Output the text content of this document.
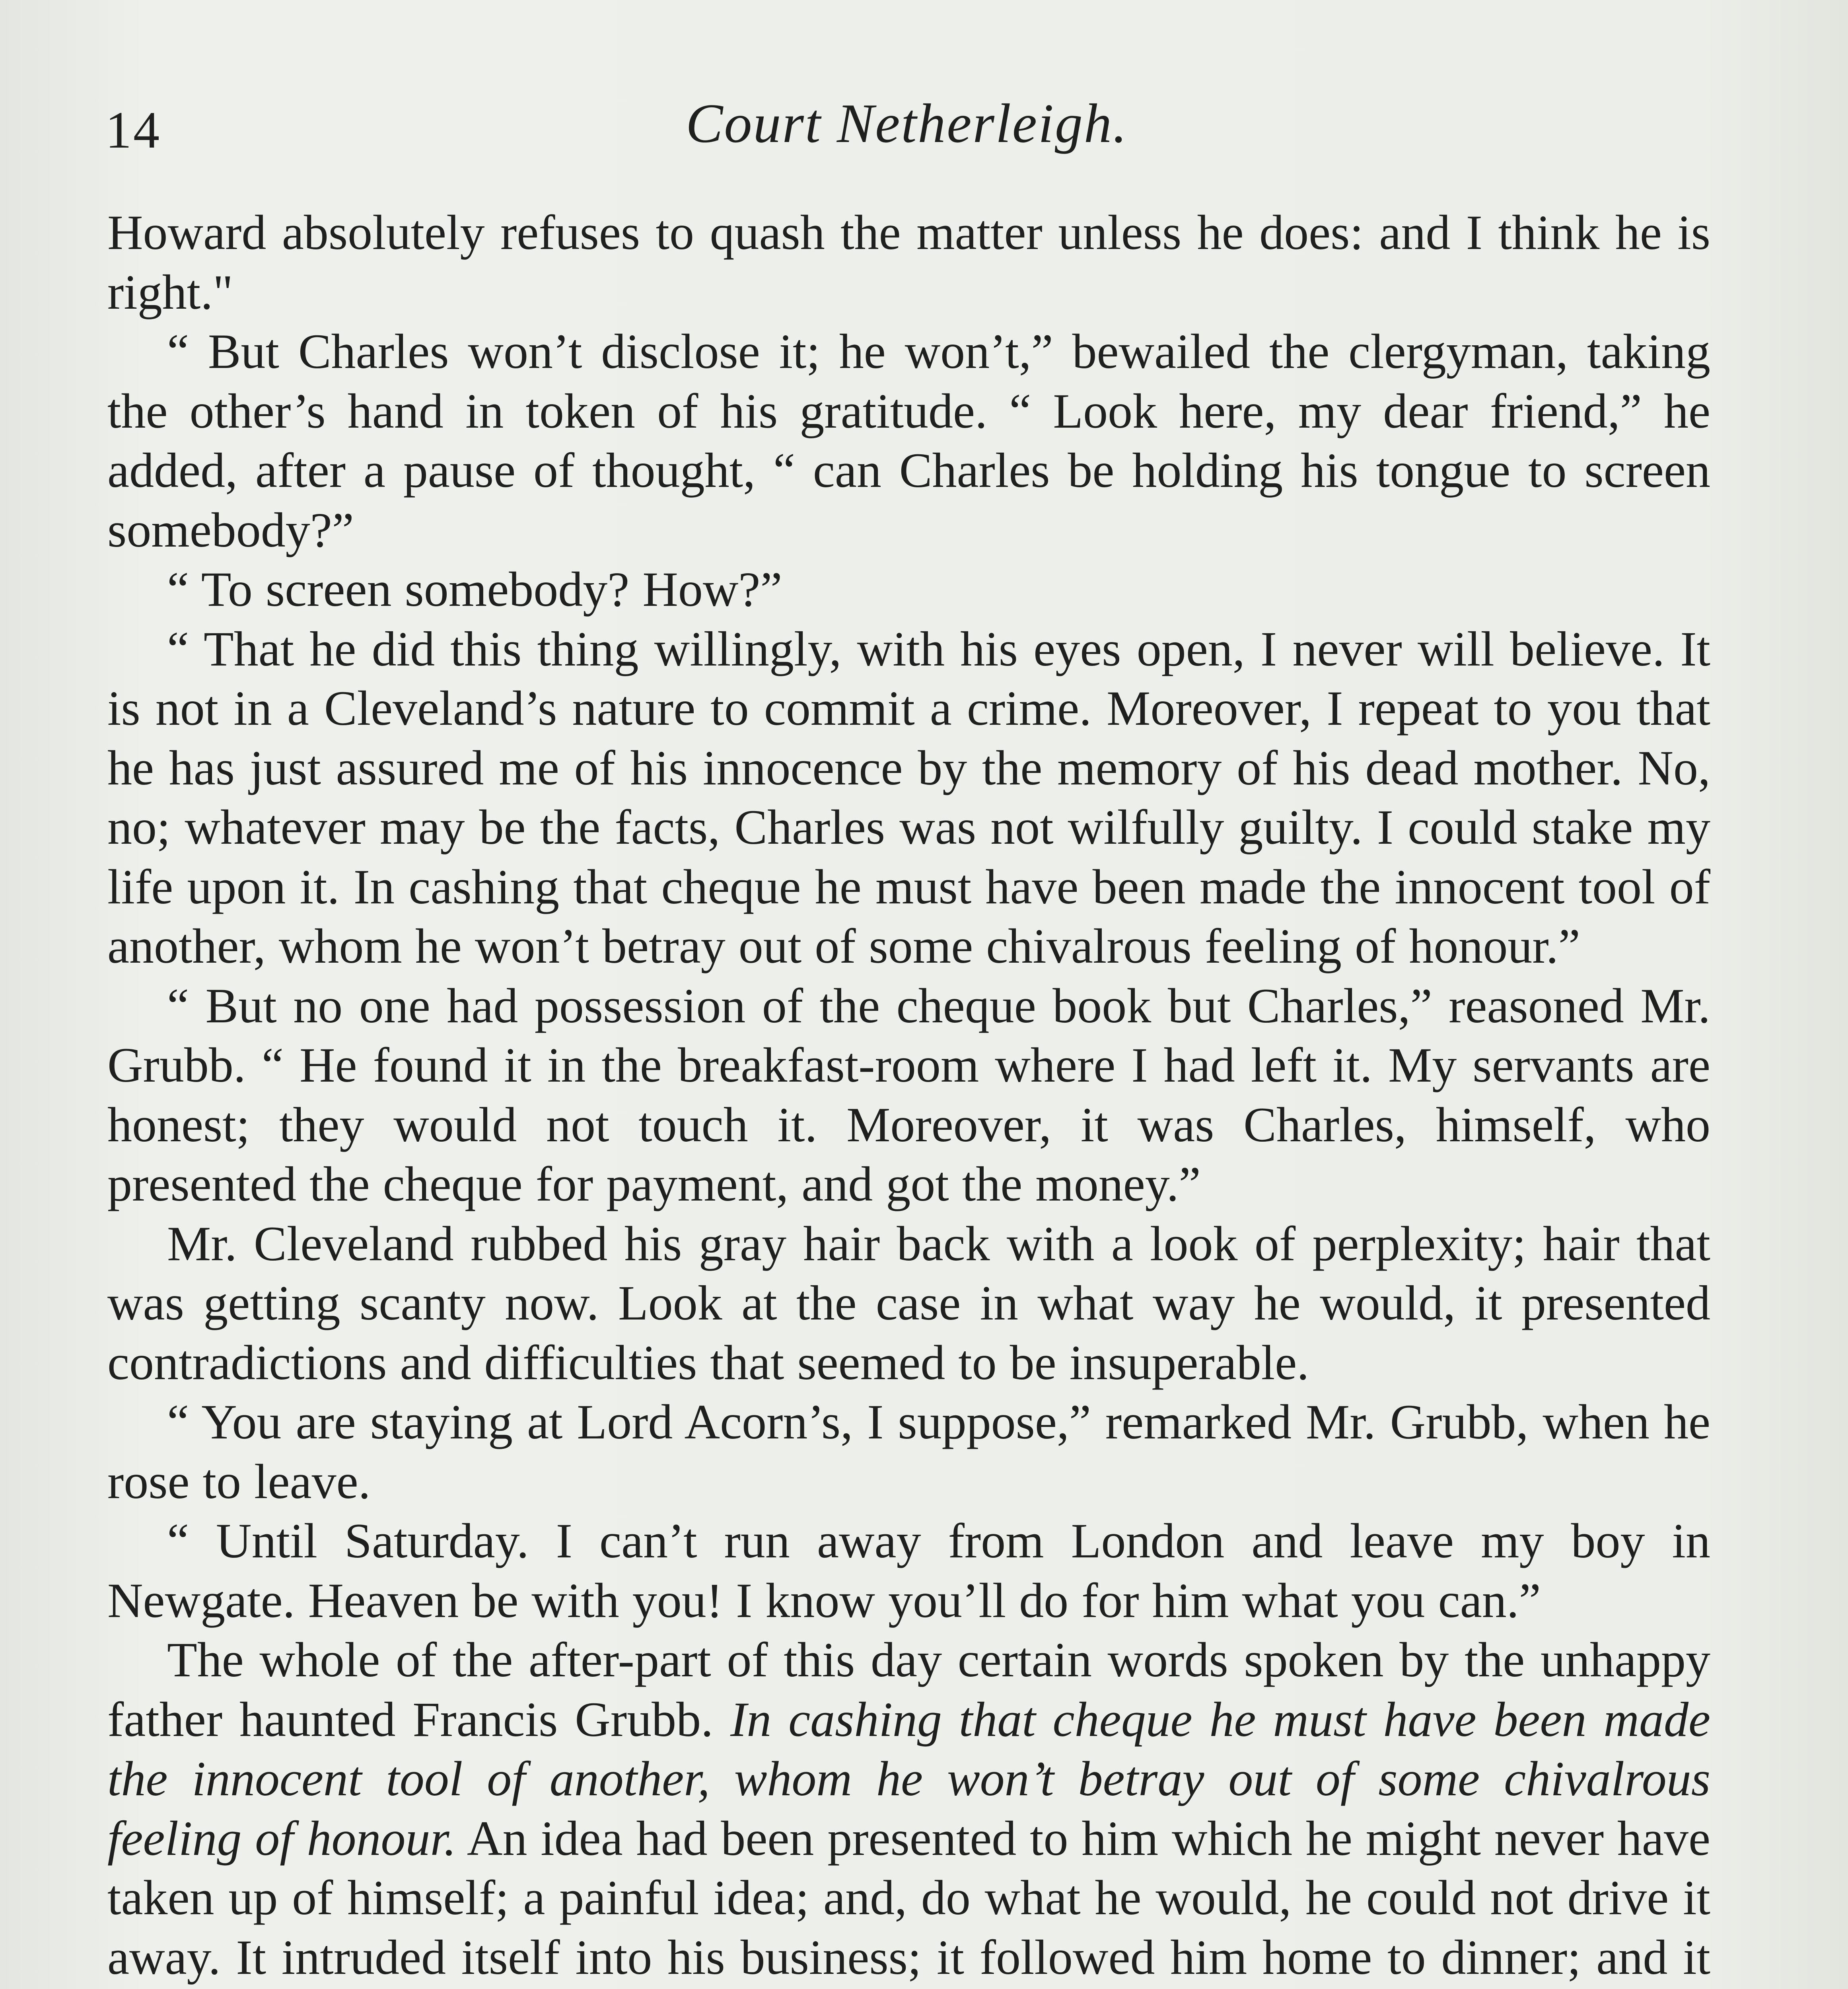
14	Court Netherleigh.

Howard absolutely refuses to quash the matter unless he does: and I think he is right."

“ But Charles won’t disclose it; he won’t,” bewailed the clergyman, taking the other’s hand in token of his gratitude. “ Look here, my dear friend,” he added, after a pause of thought, “ can Charles be holding his tongue to screen somebody?”

“ To screen somebody? How?”

“ That he did this thing willingly, with his eyes open, I never will believe. It is not in a Cleveland’s nature to commit a crime. Moreover, I repeat to you that he has just assured me of his innocence by the memory of his dead mother. No, no; whatever may be the facts, Charles was not wilfully guilty. I could stake my life upon it. In cashing that cheque he must have been made the innocent tool of another, whom he won’t betray out of some chivalrous feeling of honour.”

“ But no one had possession of the cheque book but Charles,” reasoned Mr. Grubb. “ He found it in the breakfast-room where I had left it. My servants are honest; they would not touch it. Moreover, it was Charles, himself, who presented the cheque for payment, and got the money.”

Mr. Cleveland rubbed his gray hair back with a look of perplexity; hair that was getting scanty now. Look at the case in what way he would, it presented contradictions and difficulties that seemed to be insuperable.

“ You are staying at Lord Acorn’s, I suppose,” remarked Mr. Grubb, when he rose to leave.

“ Until Saturday. I can’t run away from London and leave my boy in Newgate. Heaven be with you! I know you’ll do for him what you can.”

The whole of the after-part of this day certain words spoken by the unhappy father haunted Francis Grubb. In cashing that cheque he must have been made the innocent tool of another, whom he won’t betray out of some chivalrous feeling of honour. An idea had been presented to him which he might never have taken up of himself; a painful idea; and, do what he would, he could not drive it away. It intruded itself into his business; it followed him home to dinner; and it
